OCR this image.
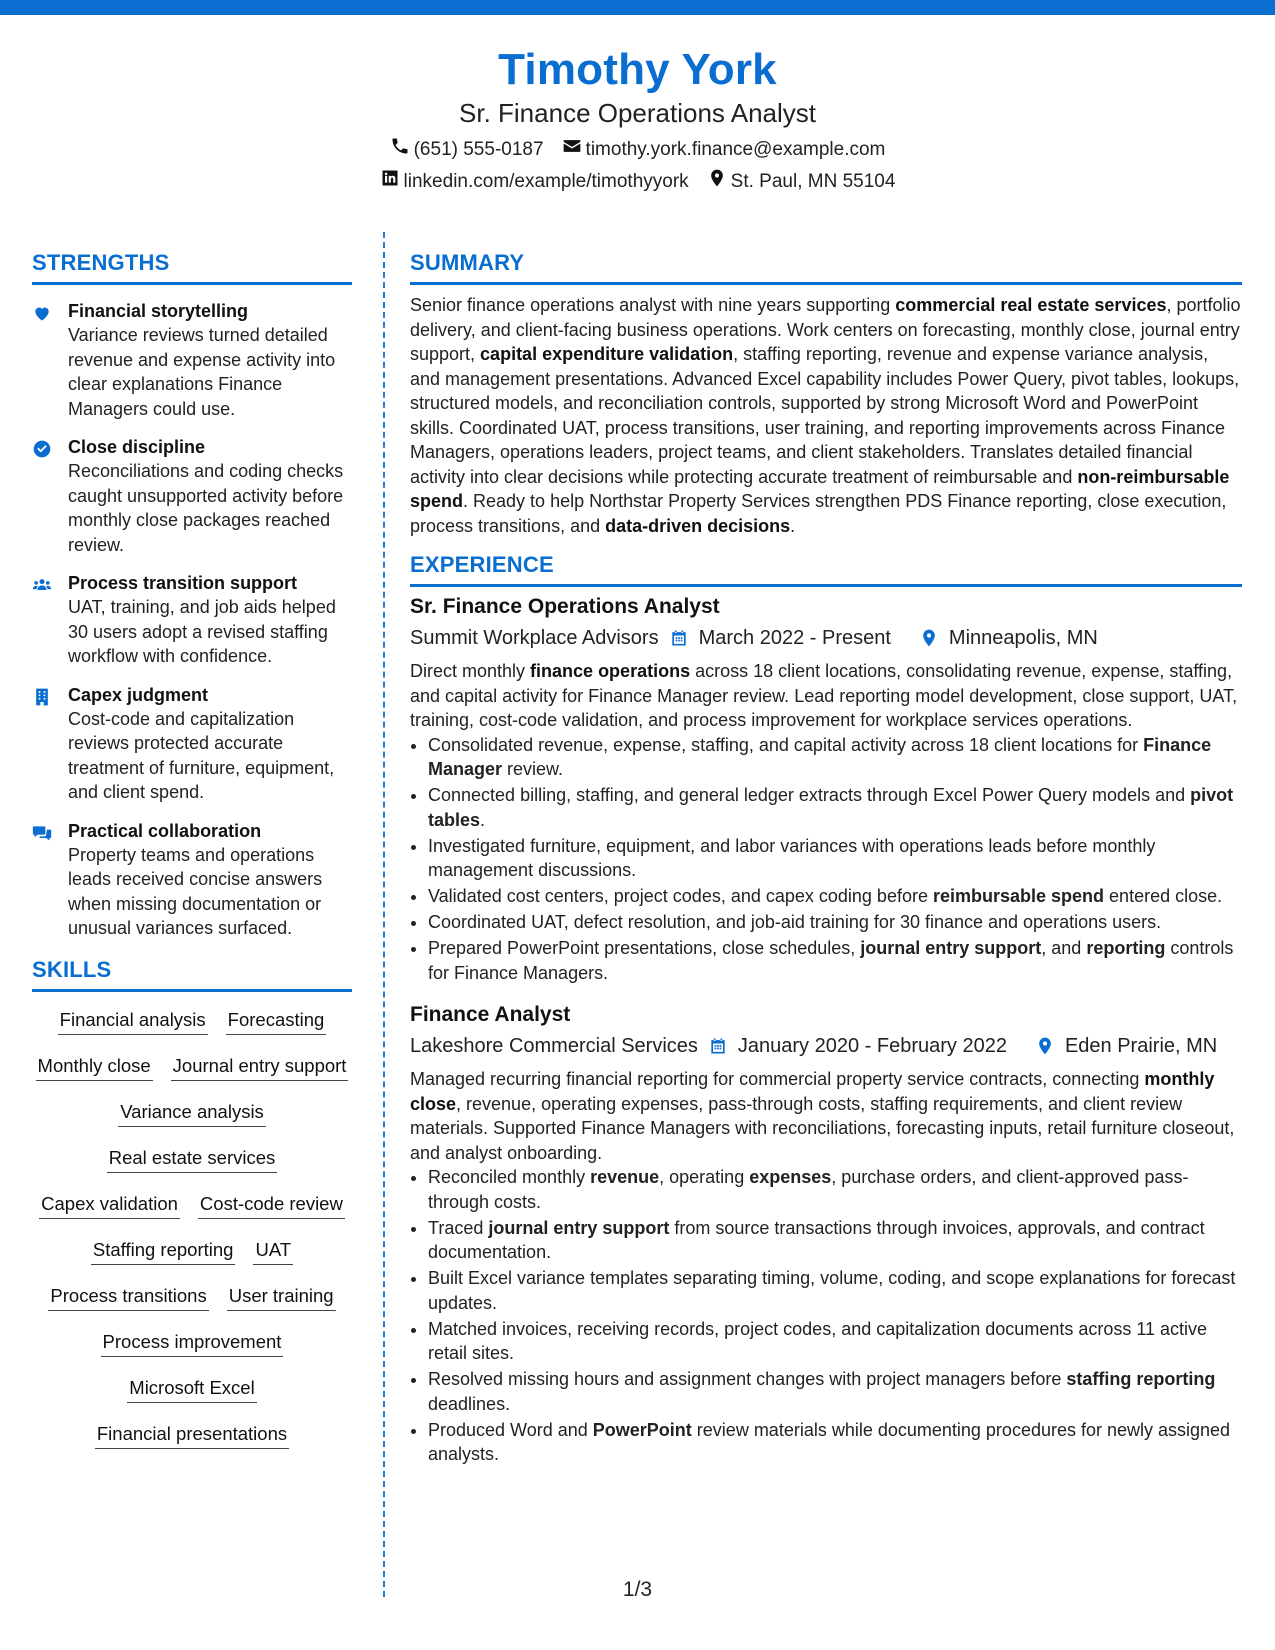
Timothy York
Sr. Finance Operations Analyst
(651) 555-0187 timothy.york.finance@example.com
linkedin.com/example/timothyyork St. Paul, MN 55104
STRENGTHS
Financial storytelling
Variance reviews turned detailed revenue and expense activity into clear explanations Finance Managers could use.
Close discipline
Reconciliations and coding checks caught unsupported activity before monthly close packages reached review.
Process transition support
UAT, training, and job aids helped 30 users adopt a revised staffing workflow with confidence.
Capex judgment
Cost-code and capitalization reviews protected accurate treatment of furniture, equipment, and client spend.
Practical collaboration
Property teams and operations leads received concise answers when missing documentation or unusual variances surfaced.
SKILLS
Financial analysis Forecasting
Monthly close Journal entry support
Variance analysis
Real estate services
Capex validation Cost-code review
Staffing reporting UAT
Process transitions User training
Process improvement
Microsoft Excel
Financial presentations
SUMMARY
Senior finance operations analyst with nine years supporting commercial real estate services, portfolio delivery, and client-facing business operations. Work centers on forecasting, monthly close, journal entry support, capital expenditure validation, staffing reporting, revenue and expense variance analysis, and management presentations. Advanced Excel capability includes Power Query, pivot tables, lookups, structured models, and reconciliation controls, supported by strong Microsoft Word and PowerPoint skills. Coordinated UAT, process transitions, user training, and reporting improvements across Finance Managers, operations leaders, project teams, and client stakeholders. Translates detailed financial activity into clear decisions while protecting accurate treatment of reimbursable and non-reimbursable spend. Ready to help Northstar Property Services strengthen PDS Finance reporting, close execution, process transitions, and data-driven decisions.
EXPERIENCE
Sr. Finance Operations Analyst
Summit Workplace Advisors March 2022 - Present	Minneapolis, MN
Direct monthly finance operations across 18 client locations, consolidating revenue, expense, staffing, and capital activity for Finance Manager review. Lead reporting model development, close support, UAT, training, cost-code validation, and process improvement for workplace services operations.
• Consolidated revenue, expense, staffing, and capital activity across 18 client locations for Finance Manager review.
• Connected billing, staffing, and general ledger extracts through Excel Power Query models and pivot tables.
• Investigated furniture, equipment, and labor variances with operations leads before monthly management discussions.
• Validated cost centers, project codes, and capex coding before reimbursable spend entered close.
• Coordinated UAT, defect resolution, and job-aid training for 30 finance and operations users.
• Prepared PowerPoint presentations, close schedules, journal entry support, and reporting controls for Finance Managers.
Finance Analyst
Lakeshore Commercial Services January 2020 - February 2022	Eden Prairie, MN
Managed recurring financial reporting for commercial property service contracts, connecting monthly close, revenue, operating expenses, pass-through costs, staffing requirements, and client review materials. Supported Finance Managers with reconciliations, forecasting inputs, retail furniture closeout, and analyst onboarding.
• Reconciled monthly revenue, operating expenses, purchase orders, and client-approved pass-through costs.
• Traced journal entry support from source transactions through invoices, approvals, and contract documentation.
• Built Excel variance templates separating timing, volume, coding, and scope explanations for forecast updates.
• Matched invoices, receiving records, project codes, and capitalization documents across 11 active retail sites.
• Resolved missing hours and assignment changes with project managers before staffing reporting deadlines.
• Produced Word and PowerPoint review materials while documenting procedures for newly assigned analysts.
1/3
